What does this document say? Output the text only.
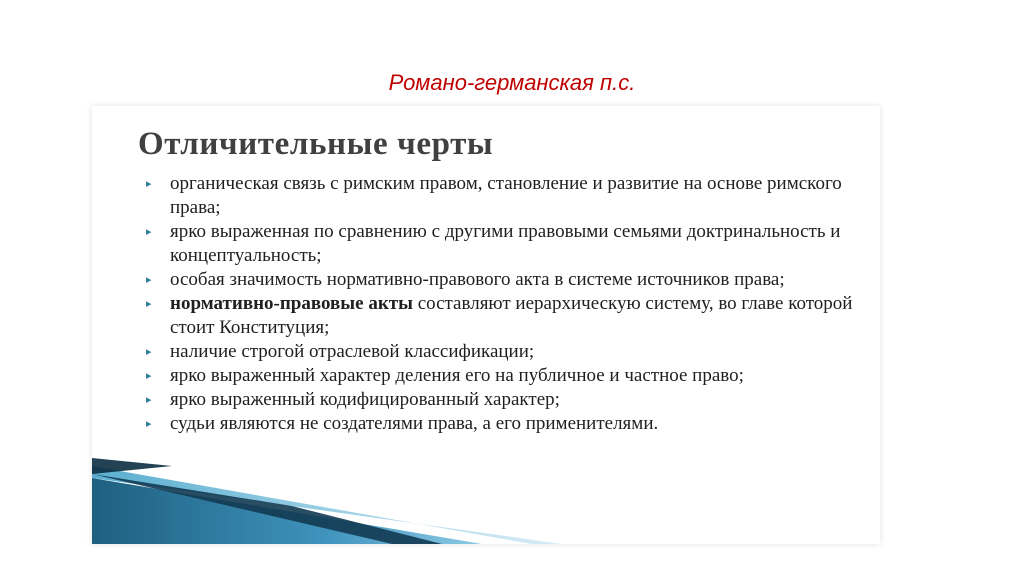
Романо-германская п.с.
Отличительные черты
▸ органическая связь с римским правом, становление и развитие на основе римского права;
▸ ярко выраженная по сравнению с другими правовыми семьями доктринальность и концептуальность;
▸ особая значимость нормативно-правового акта в системе источников права;
▸ нормативно-правовые акты составляют иерархическую систему, во главе которой стоит Конституция;
▸ наличие строгой отраслевой классификации;
▸ ярко выраженный характер деления его на публичное и частное право;
▸ ярко выраженный кодифицированный характер;
▸ судьи являются не создателями права, а его применителями.
